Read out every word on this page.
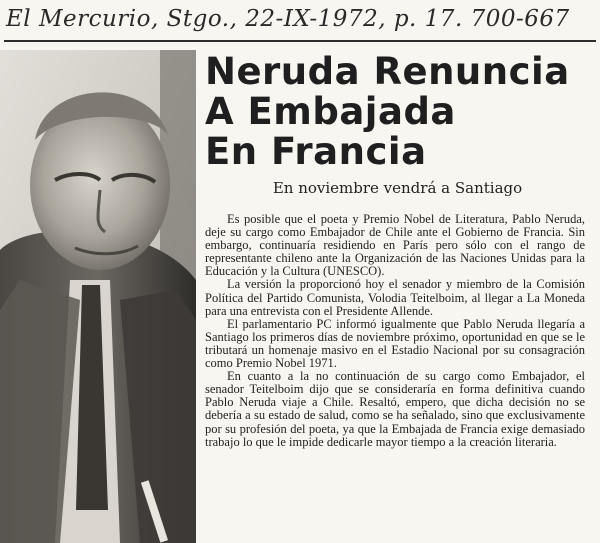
El Mercurio, Stgo., 22-IX-1972, p. 17. 700-667
Neruda Renuncia
A Embajada
En Francia
En noviembre vendrá a Santiago

Es posible que el poeta y Premio Nobel de Literatura, Pablo Neruda, deje su cargo como Embajador de Chile ante el Gobierno de Francia. Sin embargo, continuaría residiendo en París pero sólo con el rango de representante chileno ante la Organización de las Naciones Unidas para la Educación y la Cultura (UNESCO).

La versión la proporcionó hoy el senador y miembro de la Comisión Política del Partido Comunista, Volodia Teitelboim, al llegar a La Moneda para una entrevista con el Presidente Allende.

El parlamentario PC informó igualmente que Pablo Neruda llegaría a Santiago los primeros días de noviembre próximo, oportunidad en que se le tributará un homenaje masivo en el Estadio Nacional por su consagración como Premio Nobel 1971.

En cuanto a la no continuación de su cargo como Embajador, el senador Teitelboim dijo que se consideraría en forma definitiva cuando Pablo Neruda viaje a Chile. Resaltó, empero, que dicha decisión no se debería a su estado de salud, como se ha señalado, sino que exclusivamente por su profesión del poeta, ya que la Embajada de Francia exige demasiado trabajo lo que le impide dedicarle mayor tiempo a la creación literaria.
